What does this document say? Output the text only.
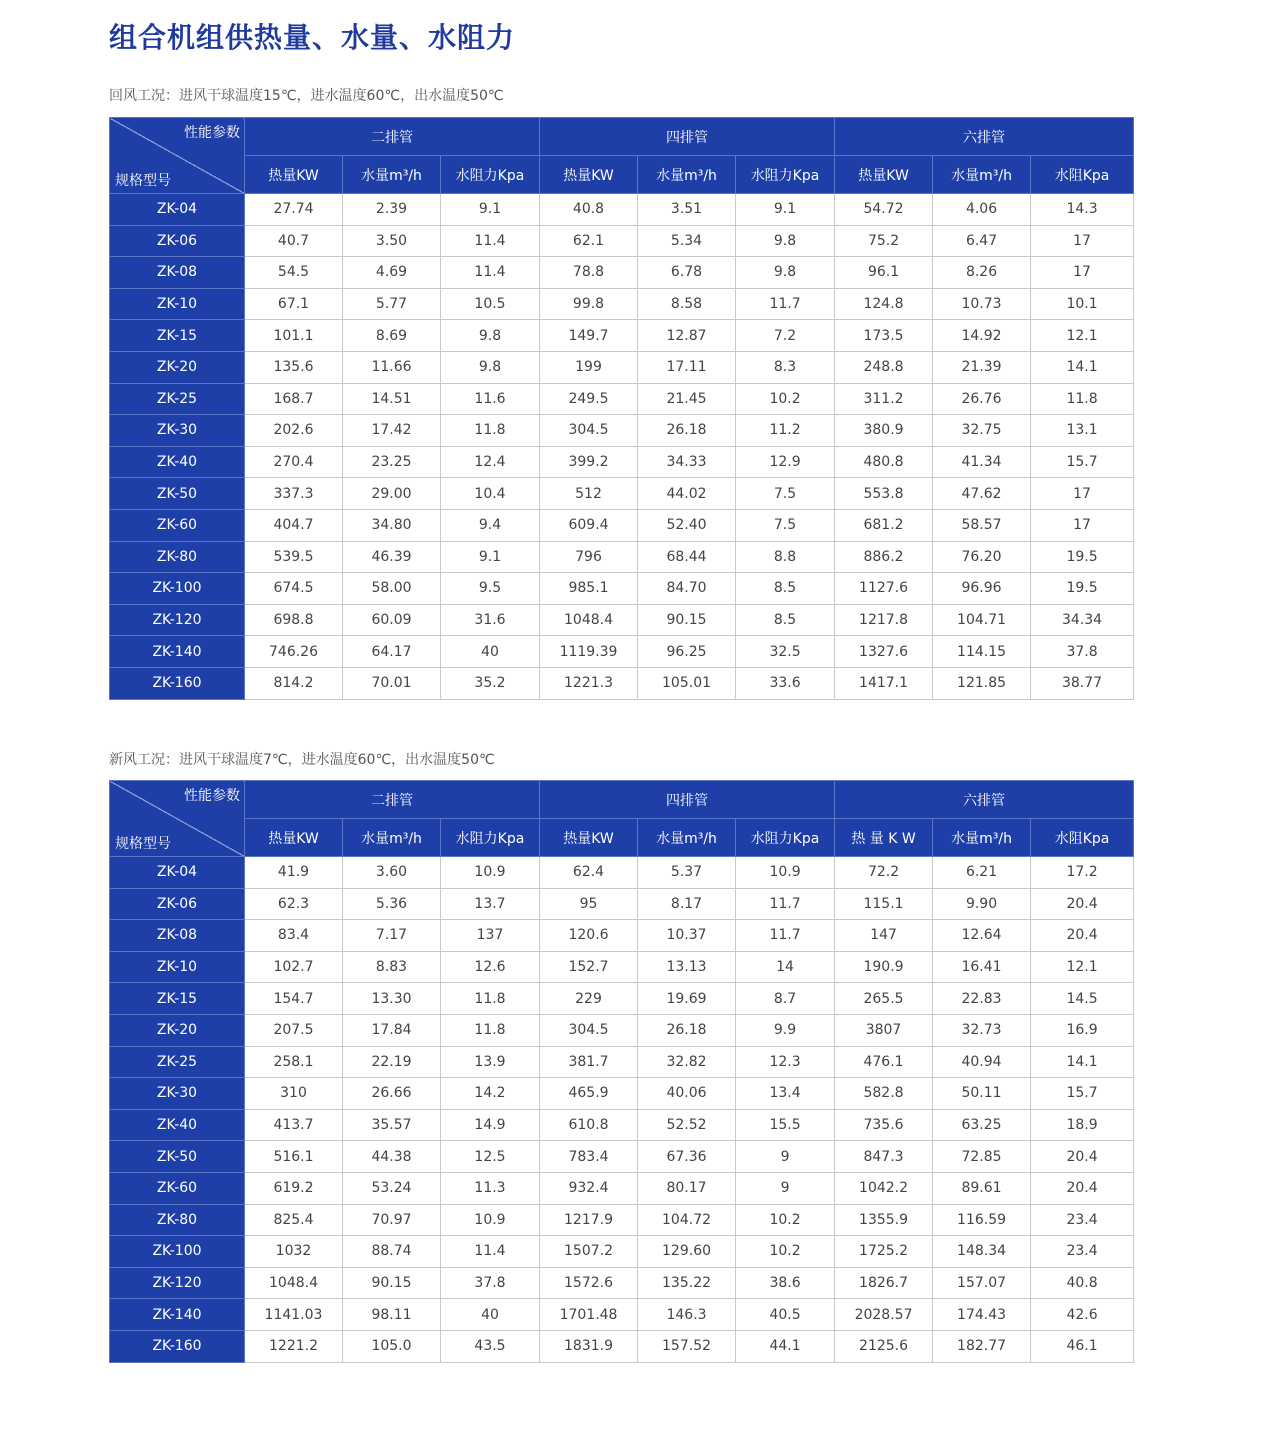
组合机组供热量、水量、水阻力
回风工况：进风干球温度15℃，进水温度60℃，出水温度50℃
性能参数
规格型号	二排管			四排管			六排管		
	热量KW	水量m³/h	水阻力Kpa	热量KW	水量m³/h	水阻力Kpa	热量KW	水量m³/h	水阻Kpa
ZK-04	27.74	2.39	9.1	40.8	3.51	9.1	54.72	4.06	14.3
ZK-06	40.7	3.50	11.4	62.1	5.34	9.8	75.2	6.47	17
ZK-08	54.5	4.69	11.4	78.8	6.78	9.8	96.1	8.26	17
ZK-10	67.1	5.77	10.5	99.8	8.58	11.7	124.8	10.73	10.1
ZK-15	101.1	8.69	9.8	149.7	12.87	7.2	173.5	14.92	12.1
ZK-20	135.6	11.66	9.8	199	17.11	8.3	248.8	21.39	14.1
ZK-25	168.7	14.51	11.6	249.5	21.45	10.2	311.2	26.76	11.8
ZK-30	202.6	17.42	11.8	304.5	26.18	11.2	380.9	32.75	13.1
ZK-40	270.4	23.25	12.4	399.2	34.33	12.9	480.8	41.34	15.7
ZK-50	337.3	29.00	10.4	512	44.02	7.5	553.8	47.62	17
ZK-60	404.7	34.80	9.4	609.4	52.40	7.5	681.2	58.57	17
ZK-80	539.5	46.39	9.1	796	68.44	8.8	886.2	76.20	19.5
ZK-100	674.5	58.00	9.5	985.1	84.70	8.5	1127.6	96.96	19.5
ZK-120	698.8	60.09	31.6	1048.4	90.15	8.5	1217.8	104.71	34.34
ZK-140	746.26	64.17	40	1119.39	96.25	32.5	1327.6	114.15	37.8
ZK-160	814.2	70.01	35.2	1221.3	105.01	33.6	1417.1	121.85	38.77
新风工况：进风干球温度7℃，进水温度60℃，出水温度50℃
性能参数
规格型号	二排管			四排管			六排管		
	热量KW	水量m³/h	水阻力Kpa	热量KW	水量m³/h	水阻力Kpa	热 量 K W	水量m³/h	水阻Kpa
ZK-04	41.9	3.60	10.9	62.4	5.37	10.9	72.2	6.21	17.2
ZK-06	62.3	5.36	13.7	95	8.17	11.7	115.1	9.90	20.4
ZK-08	83.4	7.17	137	120.6	10.37	11.7	147	12.64	20.4
ZK-10	102.7	8.83	12.6	152.7	13.13	14	190.9	16.41	12.1
ZK-15	154.7	13.30	11.8	229	19.69	8.7	265.5	22.83	14.5
ZK-20	207.5	17.84	11.8	304.5	26.18	9.9	3807	32.73	16.9
ZK-25	258.1	22.19	13.9	381.7	32.82	12.3	476.1	40.94	14.1
ZK-30	310	26.66	14.2	465.9	40.06	13.4	582.8	50.11	15.7
ZK-40	413.7	35.57	14.9	610.8	52.52	15.5	735.6	63.25	18.9
ZK-50	516.1	44.38	12.5	783.4	67.36	9	847.3	72.85	20.4
ZK-60	619.2	53.24	11.3	932.4	80.17	9	1042.2	89.61	20.4
ZK-80	825.4	70.97	10.9	1217.9	104.72	10.2	1355.9	116.59	23.4
ZK-100	1032	88.74	11.4	1507.2	129.60	10.2	1725.2	148.34	23.4
ZK-120	1048.4	90.15	37.8	1572.6	135.22	38.6	1826.7	157.07	40.8
ZK-140	1141.03	98.11	40	1701.48	146.3	40.5	2028.57	174.43	42.6
ZK-160	1221.2	105.0	43.5	1831.9	157.52	44.1	2125.6	182.77	46.1
